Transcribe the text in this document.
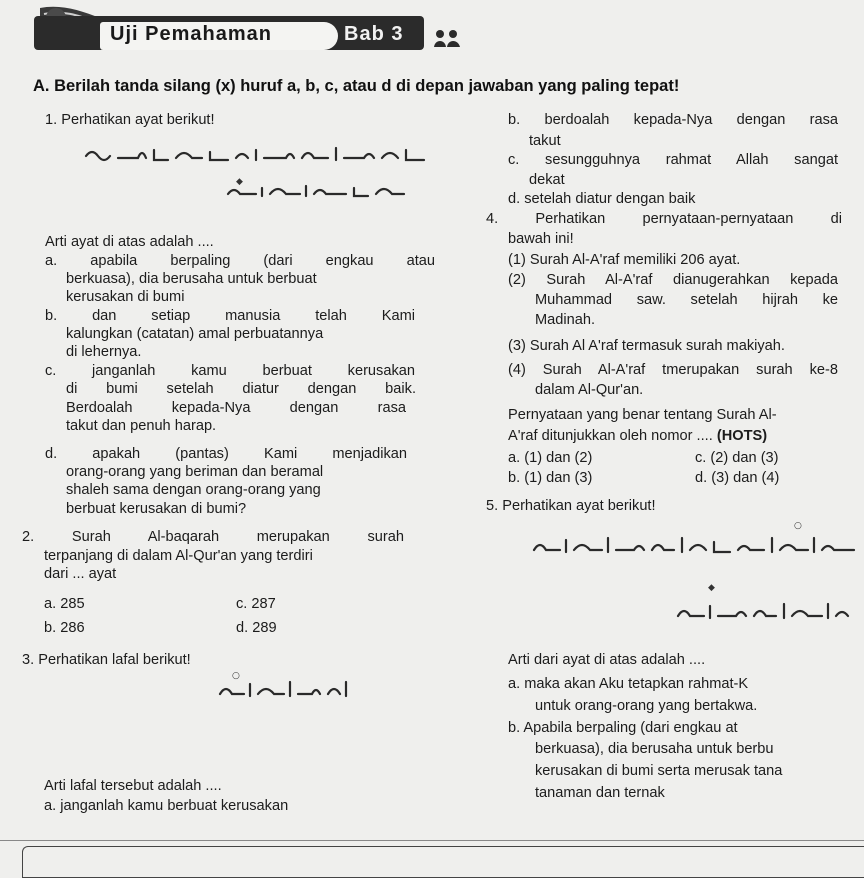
Uji Pemahaman	Bab 3
A. Berilah tanda silang (x) huruf a, b, c, atau d di depan jawaban yang paling tepat!
1. Perhatikan ayat berikut!
◆
Arti ayat di atas adalah ....
a. apabila berpaling (dari engkau atau
berkuasa), dia berusaha untuk berbuat
kerusakan di bumi
b. dan setiap manusia telah Kami
kalungkan (catatan) amal perbuatannya
di lehernya.
c. janganlah kamu berbuat kerusakan
di bumi setelah diatur dengan baik.
Berdoalah kepada-Nya dengan rasa
takut dan penuh harap.
d. apakah (pantas) Kami menjadikan
orang-orang yang beriman dan beramal
shaleh sama dengan orang-orang yang
berbuat kerusakan di bumi?
2. Surah Al-baqarah merupakan surah
terpanjang di dalam Al-Qur'an yang terdiri
dari ... ayat
a. 285	c. 287
b. 286	d. 289
3. Perhatikan lafal berikut!
○
Arti lafal tersebut adalah ....
a. janganlah kamu berbuat kerusakan
b. berdoalah kepada-Nya dengan rasa
takut
c. sesungguhnya rahmat Allah sangat
dekat
d. setelah diatur dengan baik
4. Perhatikan pernyataan-pernyataan di
bawah ini!
(1) Surah Al-A'raf memiliki 206 ayat.
(2) Surah Al-A'raf dianugerahkan kepada
Muhammad saw. setelah hijrah ke
Madinah.
(3) Surah Al A'raf termasuk surah makiyah.
(4) Surah Al-A'raf tmerupakan surah ke-8
dalam Al-Qur'an.
Pernyataan yang benar tentang Surah Al-
A'raf ditunjukkan oleh nomor .... (HOTS)
a. (1) dan (2)	c. (2) dan (3)
b. (1) dan (3)	d. (3) dan (4)
5. Perhatikan ayat berikut!
○
◆
Arti dari ayat di atas adalah ....
a. maka akan Aku tetapkan rahmat-K
untuk orang-orang yang bertakwa.
b. Apabila berpaling (dari engkau at
berkuasa), dia berusaha untuk berbu
kerusakan di bumi serta merusak tana
tanaman dan ternak
